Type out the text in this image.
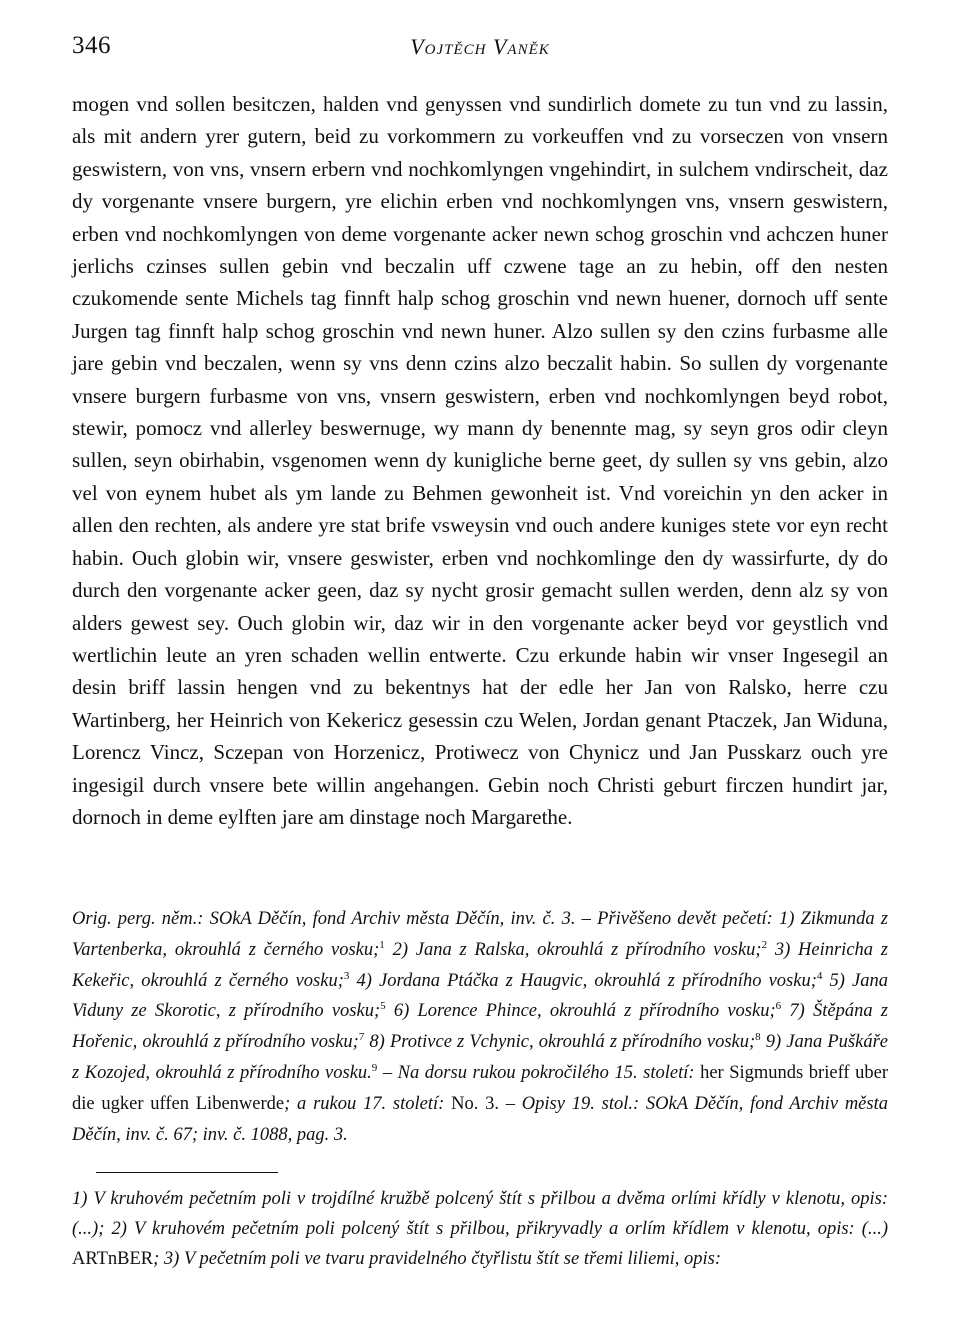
346	Vojtěch Vaněk

mogen vnd sollen besitczen, halden vnd genyssen vnd sundirlich domete zu tun vnd zu lassin, als mit andern yrer gutern, beid zu vorkommern zu vorkeuffen vnd zu vorseczen von vnsern geswistern, von vns, vnsern erbern vnd nochkomlyngen vngehindirt, in sulchem vndirscheit, daz dy vorgenante vnsere burgern, yre elichin erben vnd nochkomlyngen vns, vnsern geswistern, erben vnd nochkomlyngen von deme vorgenante acker newn schog groschin vnd achczen huner jerlichs czinses sullen gebin vnd beczalin uff czwene tage an zu hebin, off den nesten czukomende sente Michels tag finnft halp schog groschin vnd newn huener, dornoch uff sente Jurgen tag finnft halp schog groschin vnd newn huner. Alzo sullen sy den czins furbasme alle jare gebin vnd beczalen, wenn sy vns denn czins alzo beczalit habin. So sullen dy vorgenante vnsere burgern furbasme von vns, vnsern geswistern, erben vnd nochkomlyngen beyd robot, stewir, pomocz vnd allerley beswernuge, wy mann dy benennte mag, sy seyn gros odir cleyn sullen, seyn obirhabin, vsgenomen wenn dy kunigliche berne geet, dy sullen sy vns gebin, alzo vel von eynem hubet als ym lande zu Behmen gewonheit ist. Vnd voreichin yn den acker in allen den rechten, als andere yre stat brife vsweysin vnd ouch andere kuniges stete vor eyn recht habin. Ouch globin wir, vnsere geswister, erben vnd nochkomlinge den dy wassirfurte, dy do durch den vorgenante acker geen, daz sy nycht grosir gemacht sullen werden, denn alz sy von alders gewest sey. Ouch globin wir, daz wir in den vorgenante acker beyd vor geystlich vnd wertlichin leute an yren schaden wellin entwerte. Czu erkunde habin wir vnser Ingesegil an desin briff lassin hengen vnd zu bekentnys hat der edle her Jan von Ralsko, herre czu Wartinberg, her Heinrich von Kekericz gesessin czu Welen, Jordan genant Ptaczek, Jan Widuna, Lorencz Vincz, Sczepan von Horzenicz, Protiwecz von Chynicz und Jan Pusskarz ouch yre ingesigil durch vnsere bete willin angehangen. Gebin noch Christi geburt firczen hundirt jar, dornoch in deme eylften jare am dinstage noch Margarethe.

Orig. perg. něm.: SOkA Děčín, fond Archiv města Děčín, inv. č. 3. – Přivěšeno devět pečetí: 1) Zikmunda z Vartenberka, okrouhlá z černého vosku;$^1$ 2) Jana z Ralska, okrouhlá z přírodního vosku;$^2$ 3) Heinricha z Kekeřic, okrouhlá z černého vosku;$^3$ 4) Jordana Ptáčka z Haugvic, okrouhlá z přírodního vosku;$^4$ 5) Jana Viduny ze Skorotic, z přírodního vosku;$^5$ 6) Lorence Phince, okrouhlá z přírodního vosku;$^6$ 7) Štěpána z Hořenic, okrouhlá z přírodního vosku;$^7$ 8) Protivce z Vchynic, okrouhlá z přírodního vosku;$^8$ 9) Jana Puškáře z Kozojed, okrouhlá z přírodního vosku.$^9$ – Na dorsu rukou pokročilého 15. století: her Sigmunds brieff uber die ugker uffen Libenwerde; a rukou 17. století: No. 3. – Opisy 19. stol.: SOkA Děčín, fond Archiv města Děčín, inv. č. 67; inv. č. 1088, pag. 3.

1) V kruhovém pečetním poli v trojdílné kružbě polcený štít s přilbou a dvěma orlími křídly v klenotu, opis: (...); 2) V kruhovém pečetním poli polcený štít s přilbou, přikryvadly a orlím křídlem v klenotu, opis: (...) ARTnBER; 3) V pečetním poli ve tvaru pravidelného čtyřlistu štít se třemi liliemi, opis:
